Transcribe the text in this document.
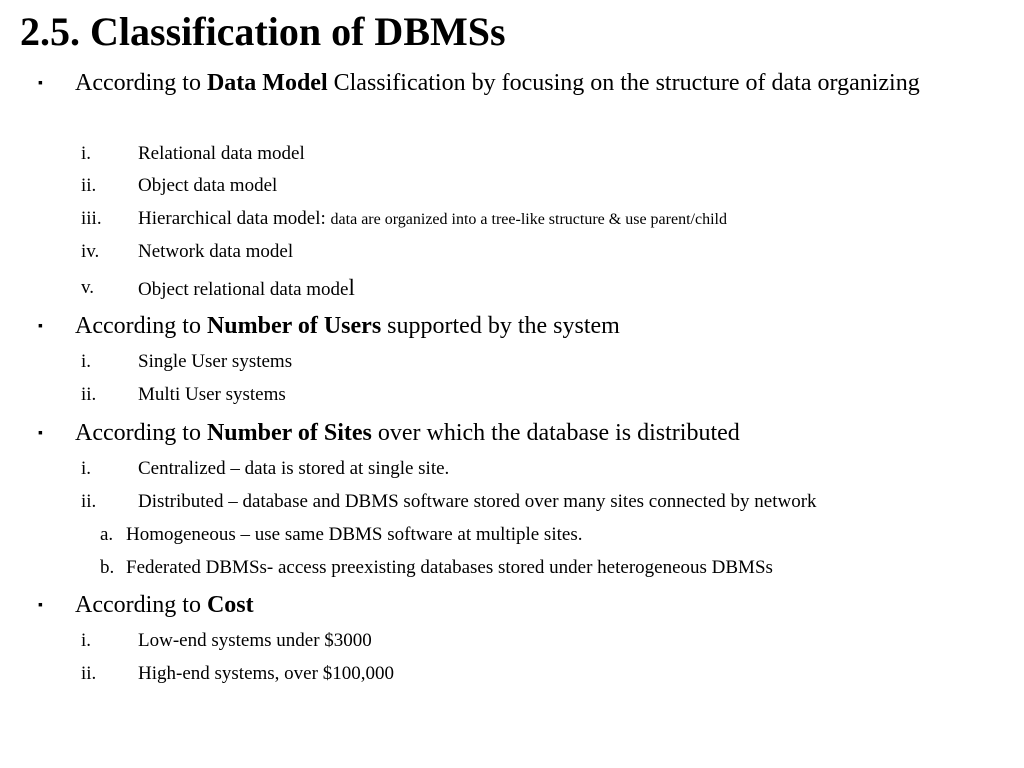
2.5. Classification of DBMSs
▪ According to Data Model Classification by focusing on the structure of data organizing
i. Relational data model
ii. Object data model
iii. Hierarchical data model: data are organized into a tree-like structure & use parent/child
iv. Network data model
v. Object relational data model
▪ According to Number of Users supported by the system
i. Single User systems
ii. Multi User systems
▪ According to Number of Sites over which the database is distributed
i. Centralized – data is stored at single site.
ii. Distributed – database and DBMS software stored over many sites connected by network
a. Homogeneous – use same DBMS software at multiple sites.
b. Federated DBMSs- access preexisting databases stored under heterogeneous DBMSs
▪ According to Cost
i. Low-end systems under $3000
ii. High-end systems, over $100,000
